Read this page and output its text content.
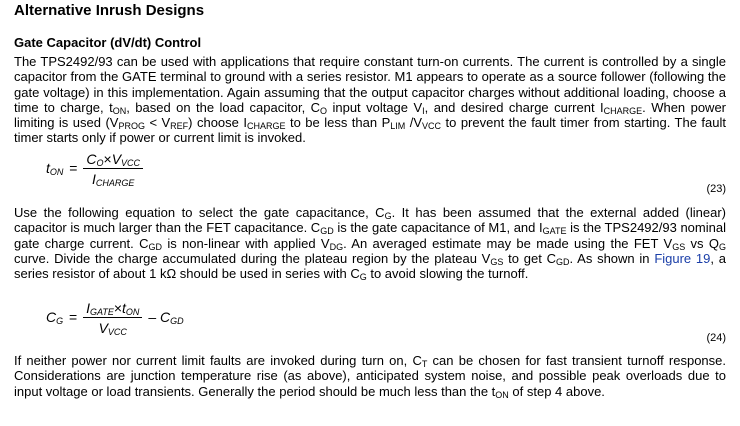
Alternative Inrush Designs
Gate Capacitor (dV/dt) Control
The TPS2492/93 can be used with applications that require constant turn-on currents. The current is controlled by a single capacitor from the GATE terminal to ground with a series resistor. M1 appears to operate as a source follower (following the gate voltage) in this implementation. Again assuming that the output capacitor charges without additional loading, choose a time to charge, $t_{ON}$, based on the load capacitor, $C_O$ input voltage $V_I$, and desired charge current $I_{CHARGE}$. When power limiting is used $(V_{PROG} < V_{REF})$ choose $I_{CHARGE}$ to be less than $P_{LIM}$ $/V_{VCC}$ to prevent the fault timer from starting. The fault timer starts only if power or current limit is invoked.
$t_{ON} = \frac{C_O\times V_{VCC}}{I_{CHARGE}}$
(23)
Use the following equation to select the gate capacitance, $C_G$. It has been assumed that the external added (linear) capacitor is much larger than the FET capacitance. $C_{GD}$ is the gate capacitance of M1, and $I_{GATE}$ is the TPS2492/93 nominal gate charge current. $C_{GD}$ is non-linear with applied $V_{DG}$. An averaged estimate may be made using the FET $V_{GS}$ vs $Q_G$ curve. Divide the charge accumulated during the plateau region by the plateau $V_{GS}$ to get $C_{GD}$. As shown in Figure 19, a series resistor of about 1 kΩ should be used in series with $C_G$ to avoid slowing the turnoff.
$C_G = \frac{I_{GATE}\times t_{ON}}{V_{VCC}} - C_{GD}$
(24)
If neither power nor current limit faults are invoked during turn on, $C_T$ can be chosen for fast transient turnoff response. Considerations are junction temperature rise (as above), anticipated system noise, and possible peak overloads due to input voltage or load transients. Generally the period should be much less than the $t_{ON}$ of step 4 above.
